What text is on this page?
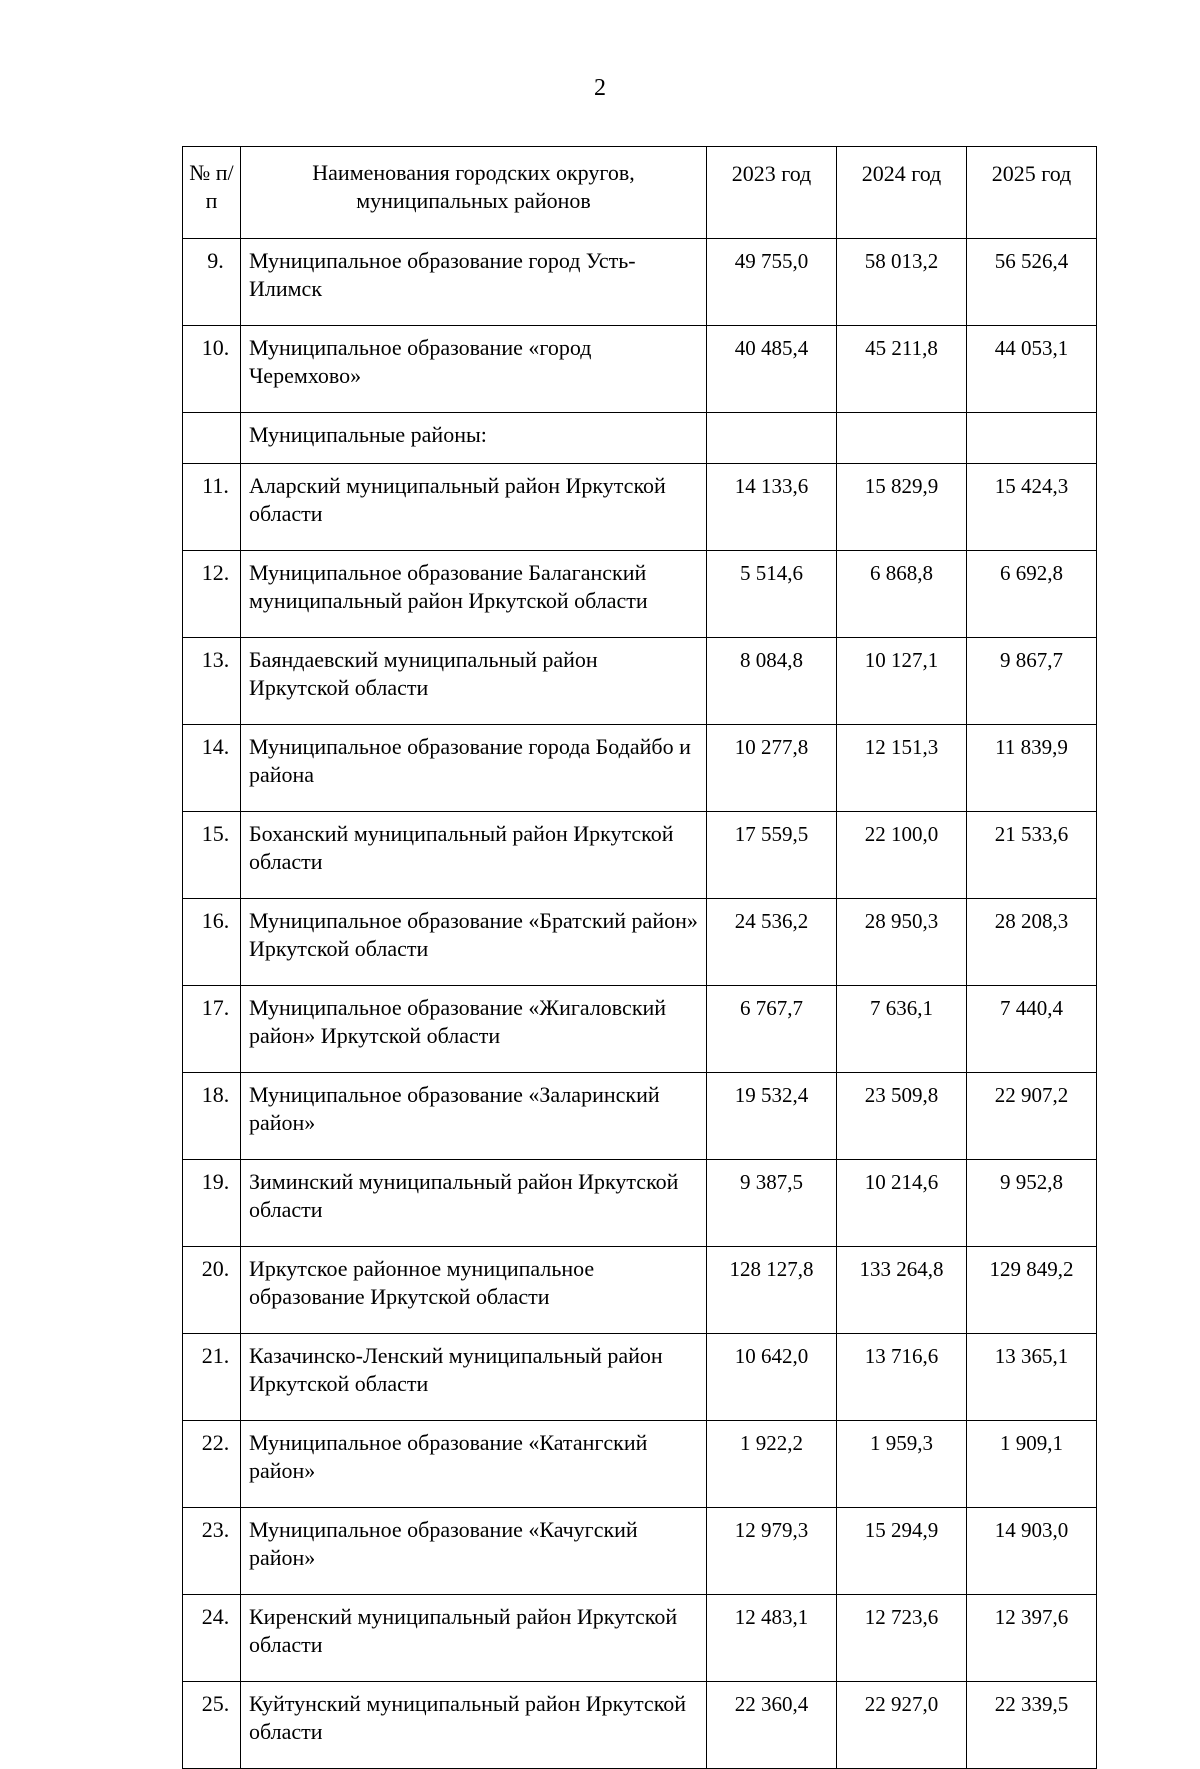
2
№ п/п	Наименования городских округов, муниципальных районов	2023 год	2024 год	2025 год
9.	Муниципальное образование город Усть-Илимск	49 755,0	58 013,2	56 526,4
10.	Муниципальное образование «город Черемхово»	40 485,4	45 211,8	44 053,1
	Муниципальные районы:			
11.	Аларский муниципальный район Иркутской области	14 133,6	15 829,9	15 424,3
12.	Муниципальное образование Балаганский муниципальный район Иркутской области	5 514,6	6 868,8	6 692,8
13.	Баяндаевский муниципальный район Иркутской области	8 084,8	10 127,1	9 867,7
14.	Муниципальное образование города Бодайбо и района	10 277,8	12 151,3	11 839,9
15.	Боханский муниципальный район Иркутской области	17 559,5	22 100,0	21 533,6
16.	Муниципальное образование «Братский район» Иркутской области	24 536,2	28 950,3	28 208,3
17.	Муниципальное образование «Жигаловский район» Иркутской области	6 767,7	7 636,1	7 440,4
18.	Муниципальное образование «Заларинский район»	19 532,4	23 509,8	22 907,2
19.	Зиминский муниципальный район Иркутской области	9 387,5	10 214,6	9 952,8
20.	Иркутское районное муниципальное образование Иркутской области	128 127,8	133 264,8	129 849,2
21.	Казачинско-Ленский муниципальный район Иркутской области	10 642,0	13 716,6	13 365,1
22.	Муниципальное образование «Катангский район»	1 922,2	1 959,3	1 909,1
23.	Муниципальное образование «Качугский район»	12 979,3	15 294,9	14 903,0
24.	Киренский муниципальный район Иркутской области	12 483,1	12 723,6	12 397,6
25.	Куйтунский муниципальный район Иркутской области	22 360,4	22 927,0	22 339,5
